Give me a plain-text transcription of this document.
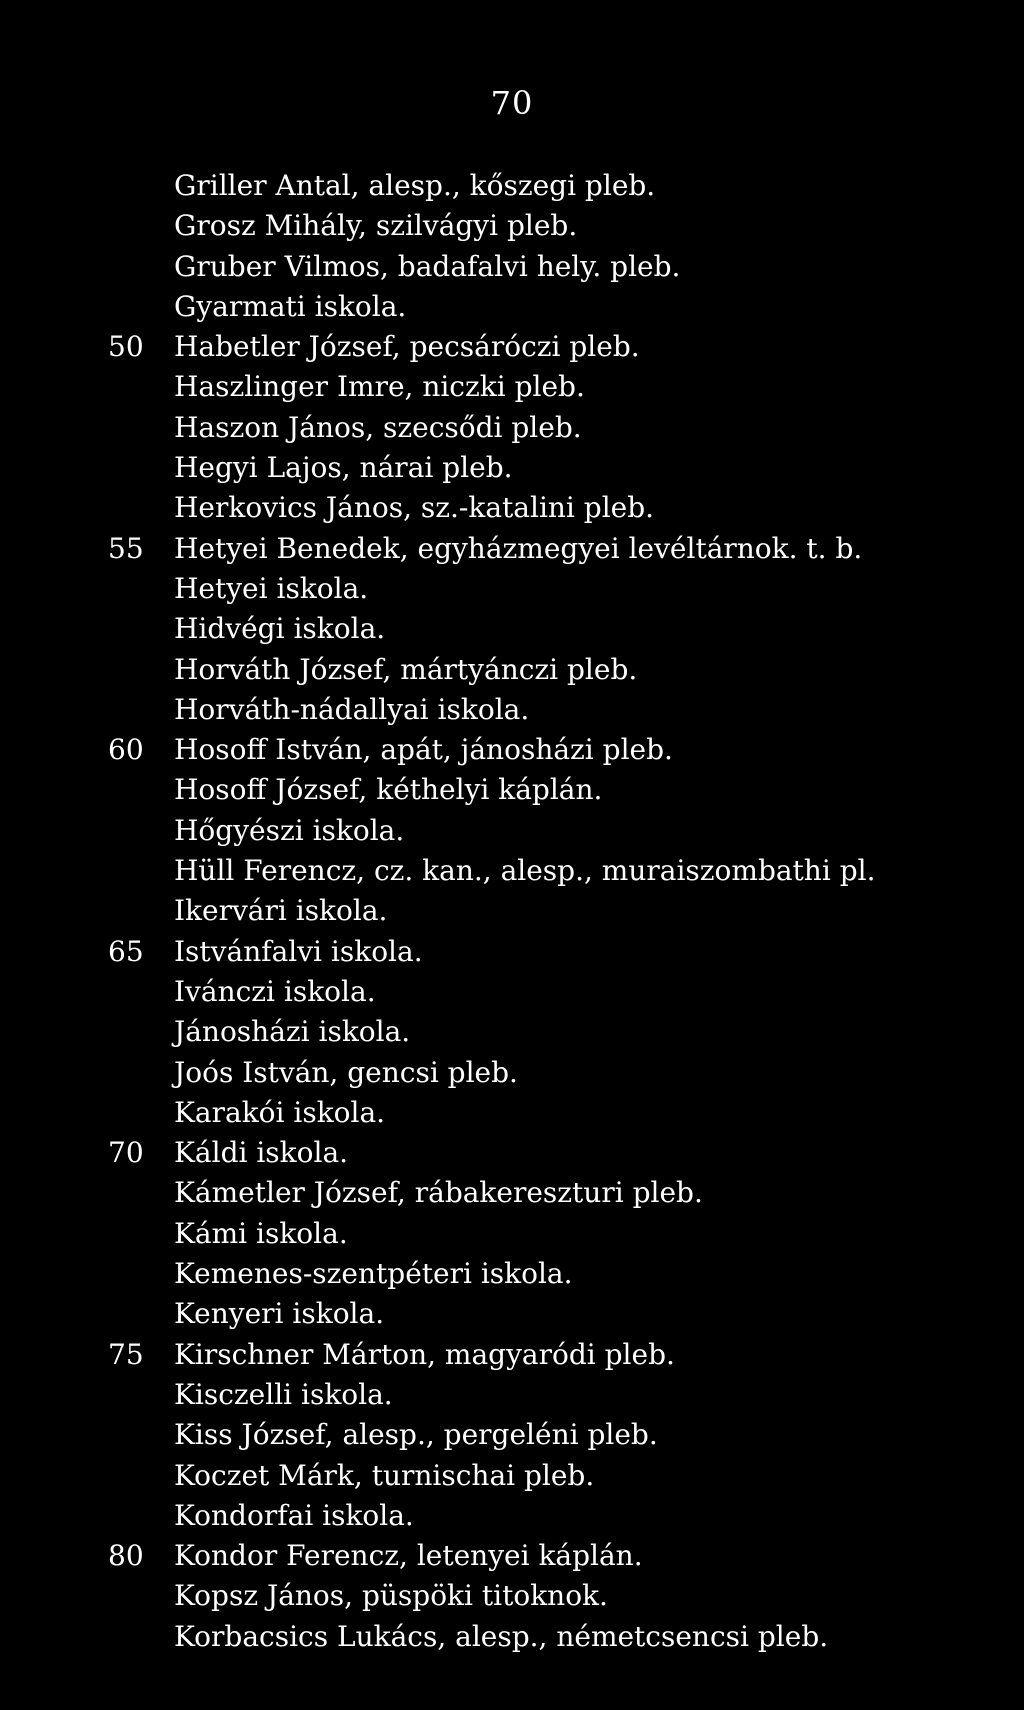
70
Griller Antal, alesp., kőszegi pleb.
Grosz Mihály, szilvágyi pleb.
Gruber Vilmos, badafalvi hely. pleb.
Gyarmati iskola.
50	Habetler József, pecsáróczi pleb.
Haszlinger Imre, niczki pleb.
Haszon János, szecsődi pleb.
Hegyi Lajos, nárai pleb.
Herkovics János, sz.-katalini pleb.
55	Hetyei Benedek, egyházmegyei levéltárnok. t. b.
Hetyei iskola.
Hidvégi iskola.
Horváth József, mártyánczi pleb.
Horváth-nádallyai iskola.
60	Hosoff István, apát, jánosházi pleb.
Hosoff József, kéthelyi káplán.
Hőgyészi iskola.
Hüll Ferencz, cz. kan., alesp., muraiszombathi pl.
Ikervári iskola.
65	Istvánfalvi iskola.
Ivánczi iskola.
Jánosházi iskola.
Joós István, gencsi pleb.
Karakói iskola.
70	Káldi iskola.
Kámetler József, rábakereszturi pleb.
Kámi iskola.
Kemenes-szentpéteri iskola.
Kenyeri iskola.
75	Kirschner Márton, magyaródi pleb.
Kisczelli iskola.
Kiss József, alesp., pergeléni pleb.
Koczet Márk, turnischai pleb.
Kondorfai iskola.
80	Kondor Ferencz, letenyei káplán.
Kopsz János, püspöki titoknok.
Korbacsics Lukács, alesp., németcsencsi pleb.
